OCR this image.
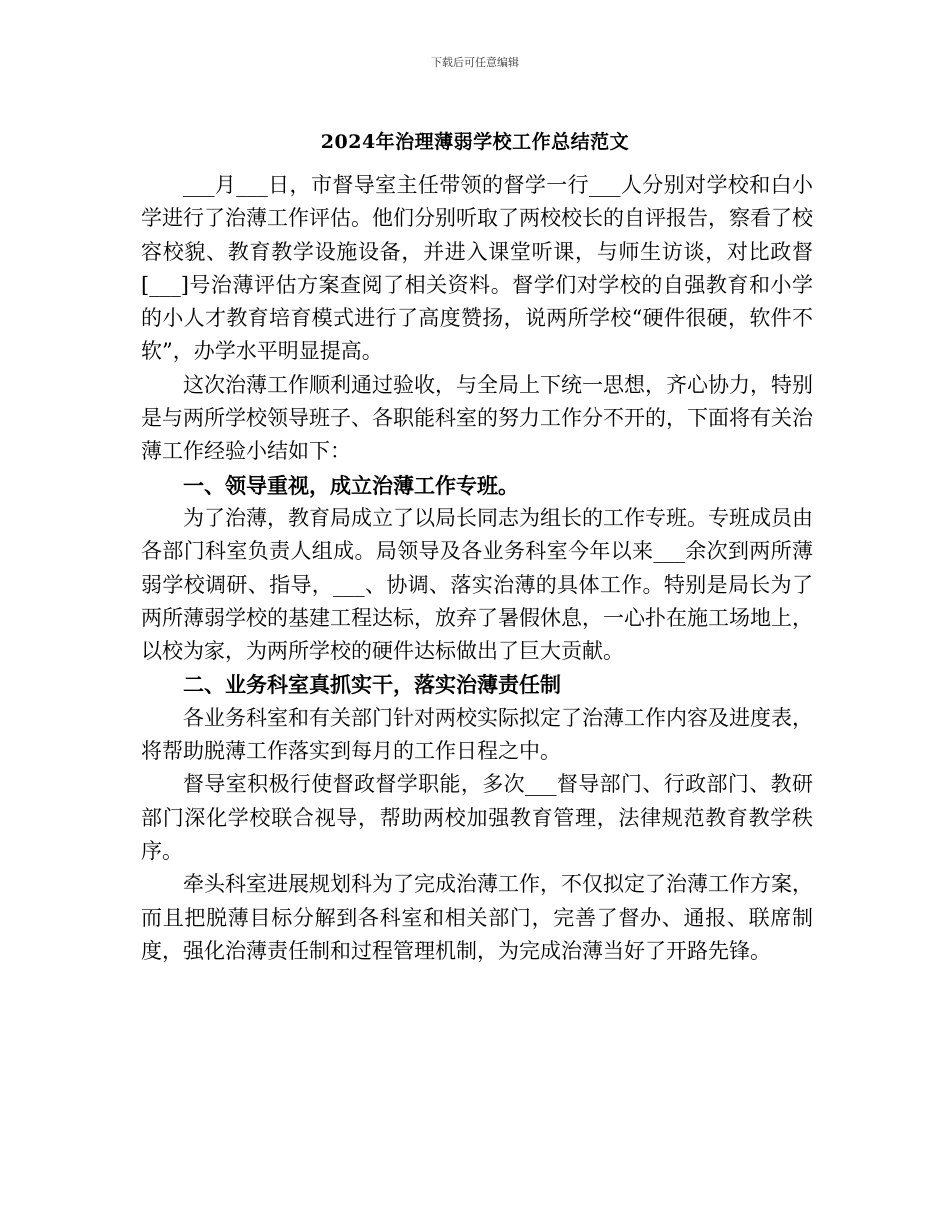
下载后可任意编辑
2024年治理薄弱学校工作总结范文

___月___日，市督导室主任带领的督学一行___人分别对学校和白小学进行了治薄工作评估。他们分别听取了两校校长的自评报告，察看了校容校貌、教育教学设施设备，并进入课堂听课，与师生访谈，对比政督[___]号治薄评估方案查阅了相关资料。督学们对学校的自强教育和小学的小人才教育培育模式进行了高度赞扬，说两所学校“硬件很硬，软件不软”，办学水平明显提高。

这次治薄工作顺利通过验收，与全局上下统一思想，齐心协力，特别是与两所学校领导班子、各职能科室的努力工作分不开的，下面将有关治薄工作经验小结如下：

一、领导重视，成立治薄工作专班。

为了治薄，教育局成立了以局长同志为组长的工作专班。专班成员由各部门科室负责人组成。局领导及各业务科室今年以来___余次到两所薄弱学校调研、指导，___、协调、落实治薄的具体工作。特别是局长为了两所薄弱学校的基建工程达标，放弃了暑假休息，一心扑在施工场地上，以校为家，为两所学校的硬件达标做出了巨大贡献。

二、业务科室真抓实干，落实治薄责任制

各业务科室和有关部门针对两校实际拟定了治薄工作内容及进度表，将帮助脱薄工作落实到每月的工作日程之中。

督导室积极行使督政督学职能，多次___督导部门、行政部门、教研部门深化学校联合视导，帮助两校加强教育管理，法律规范教育教学秩序。

牵头科室进展规划科为了完成治薄工作，不仅拟定了治薄工作方案，而且把脱薄目标分解到各科室和相关部门，完善了督办、通报、联席制度，强化治薄责任制和过程管理机制，为完成治薄当好了开路先锋。
